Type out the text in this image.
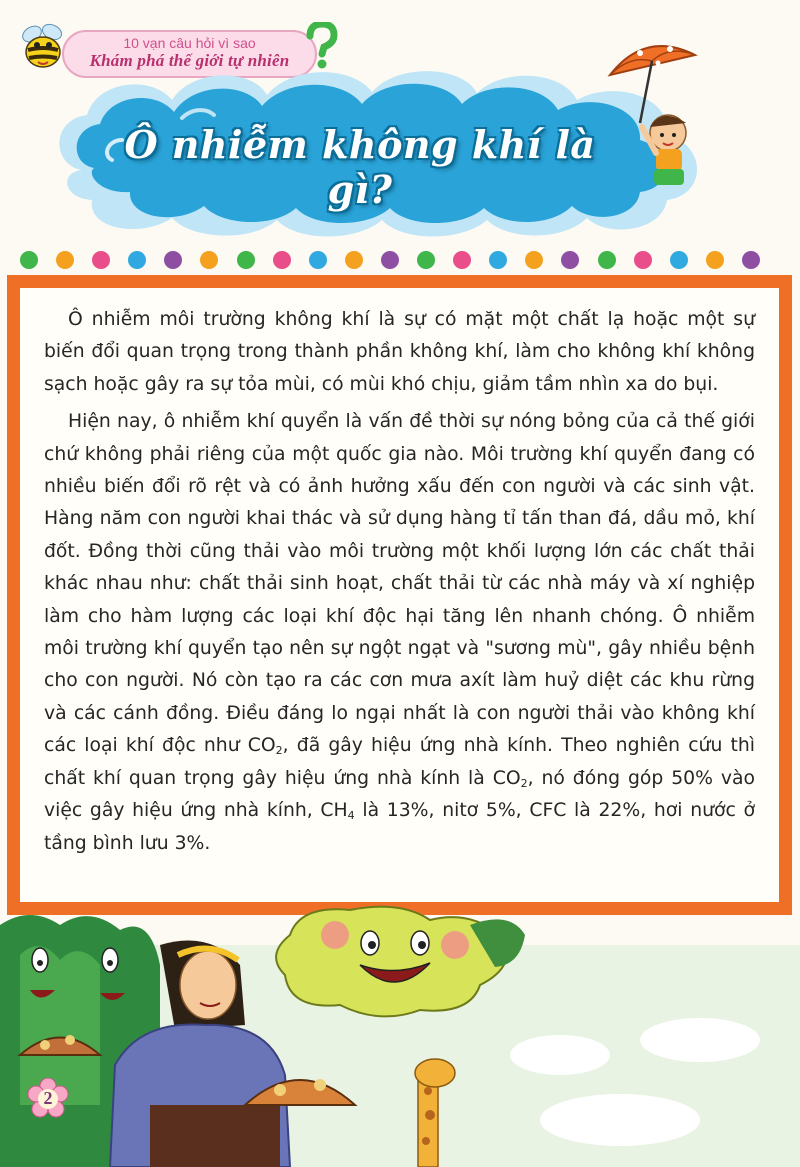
10 vạn câu hỏi vì sao
Khám phá thế giới tự nhiên
Ô nhiễm không khí là gì?

Ô nhiễm môi trường không khí là sự có mặt một chất lạ hoặc một sự biến đổi quan trọng trong thành phần không khí, làm cho không khí không sạch hoặc gây ra sự tỏa mùi, có mùi khó chịu, giảm tầm nhìn xa do bụi.

Hiện nay, ô nhiễm khí quyển là vấn đề thời sự nóng bỏng của cả thế giới chứ không phải riêng của một quốc gia nào. Môi trường khí quyển đang có nhiều biến đổi rõ rệt và có ảnh hưởng xấu đến con người và các sinh vật. Hàng năm con người khai thác và sử dụng hàng tỉ tấn than đá, dầu mỏ, khí đốt. Đồng thời cũng thải vào môi trường một khối lượng lớn các chất thải khác nhau như: chất thải sinh hoạt, chất thải từ các nhà máy và xí nghiệp làm cho hàm lượng các loại khí độc hại tăng lên nhanh chóng. Ô nhiễm môi trường khí quyển tạo nên sự ngột ngạt và "sương mù", gây nhiều bệnh cho con người. Nó còn tạo ra các cơn mưa axít làm huỷ diệt các khu rừng và các cánh đồng. Điều đáng lo ngại nhất là con người thải vào không khí các loại khí độc như $CO_2$, đã gây hiệu ứng nhà kính. Theo nghiên cứu thì chất khí quan trọng gây hiệu ứng nhà kính là $CO_2$, nó đóng góp 50% vào việc gây hiệu ứng nhà kính, $CH_4$ là 13%, nitơ 5%, CFC là 22%, hơi nước ở tầng bình lưu 3%.

2
